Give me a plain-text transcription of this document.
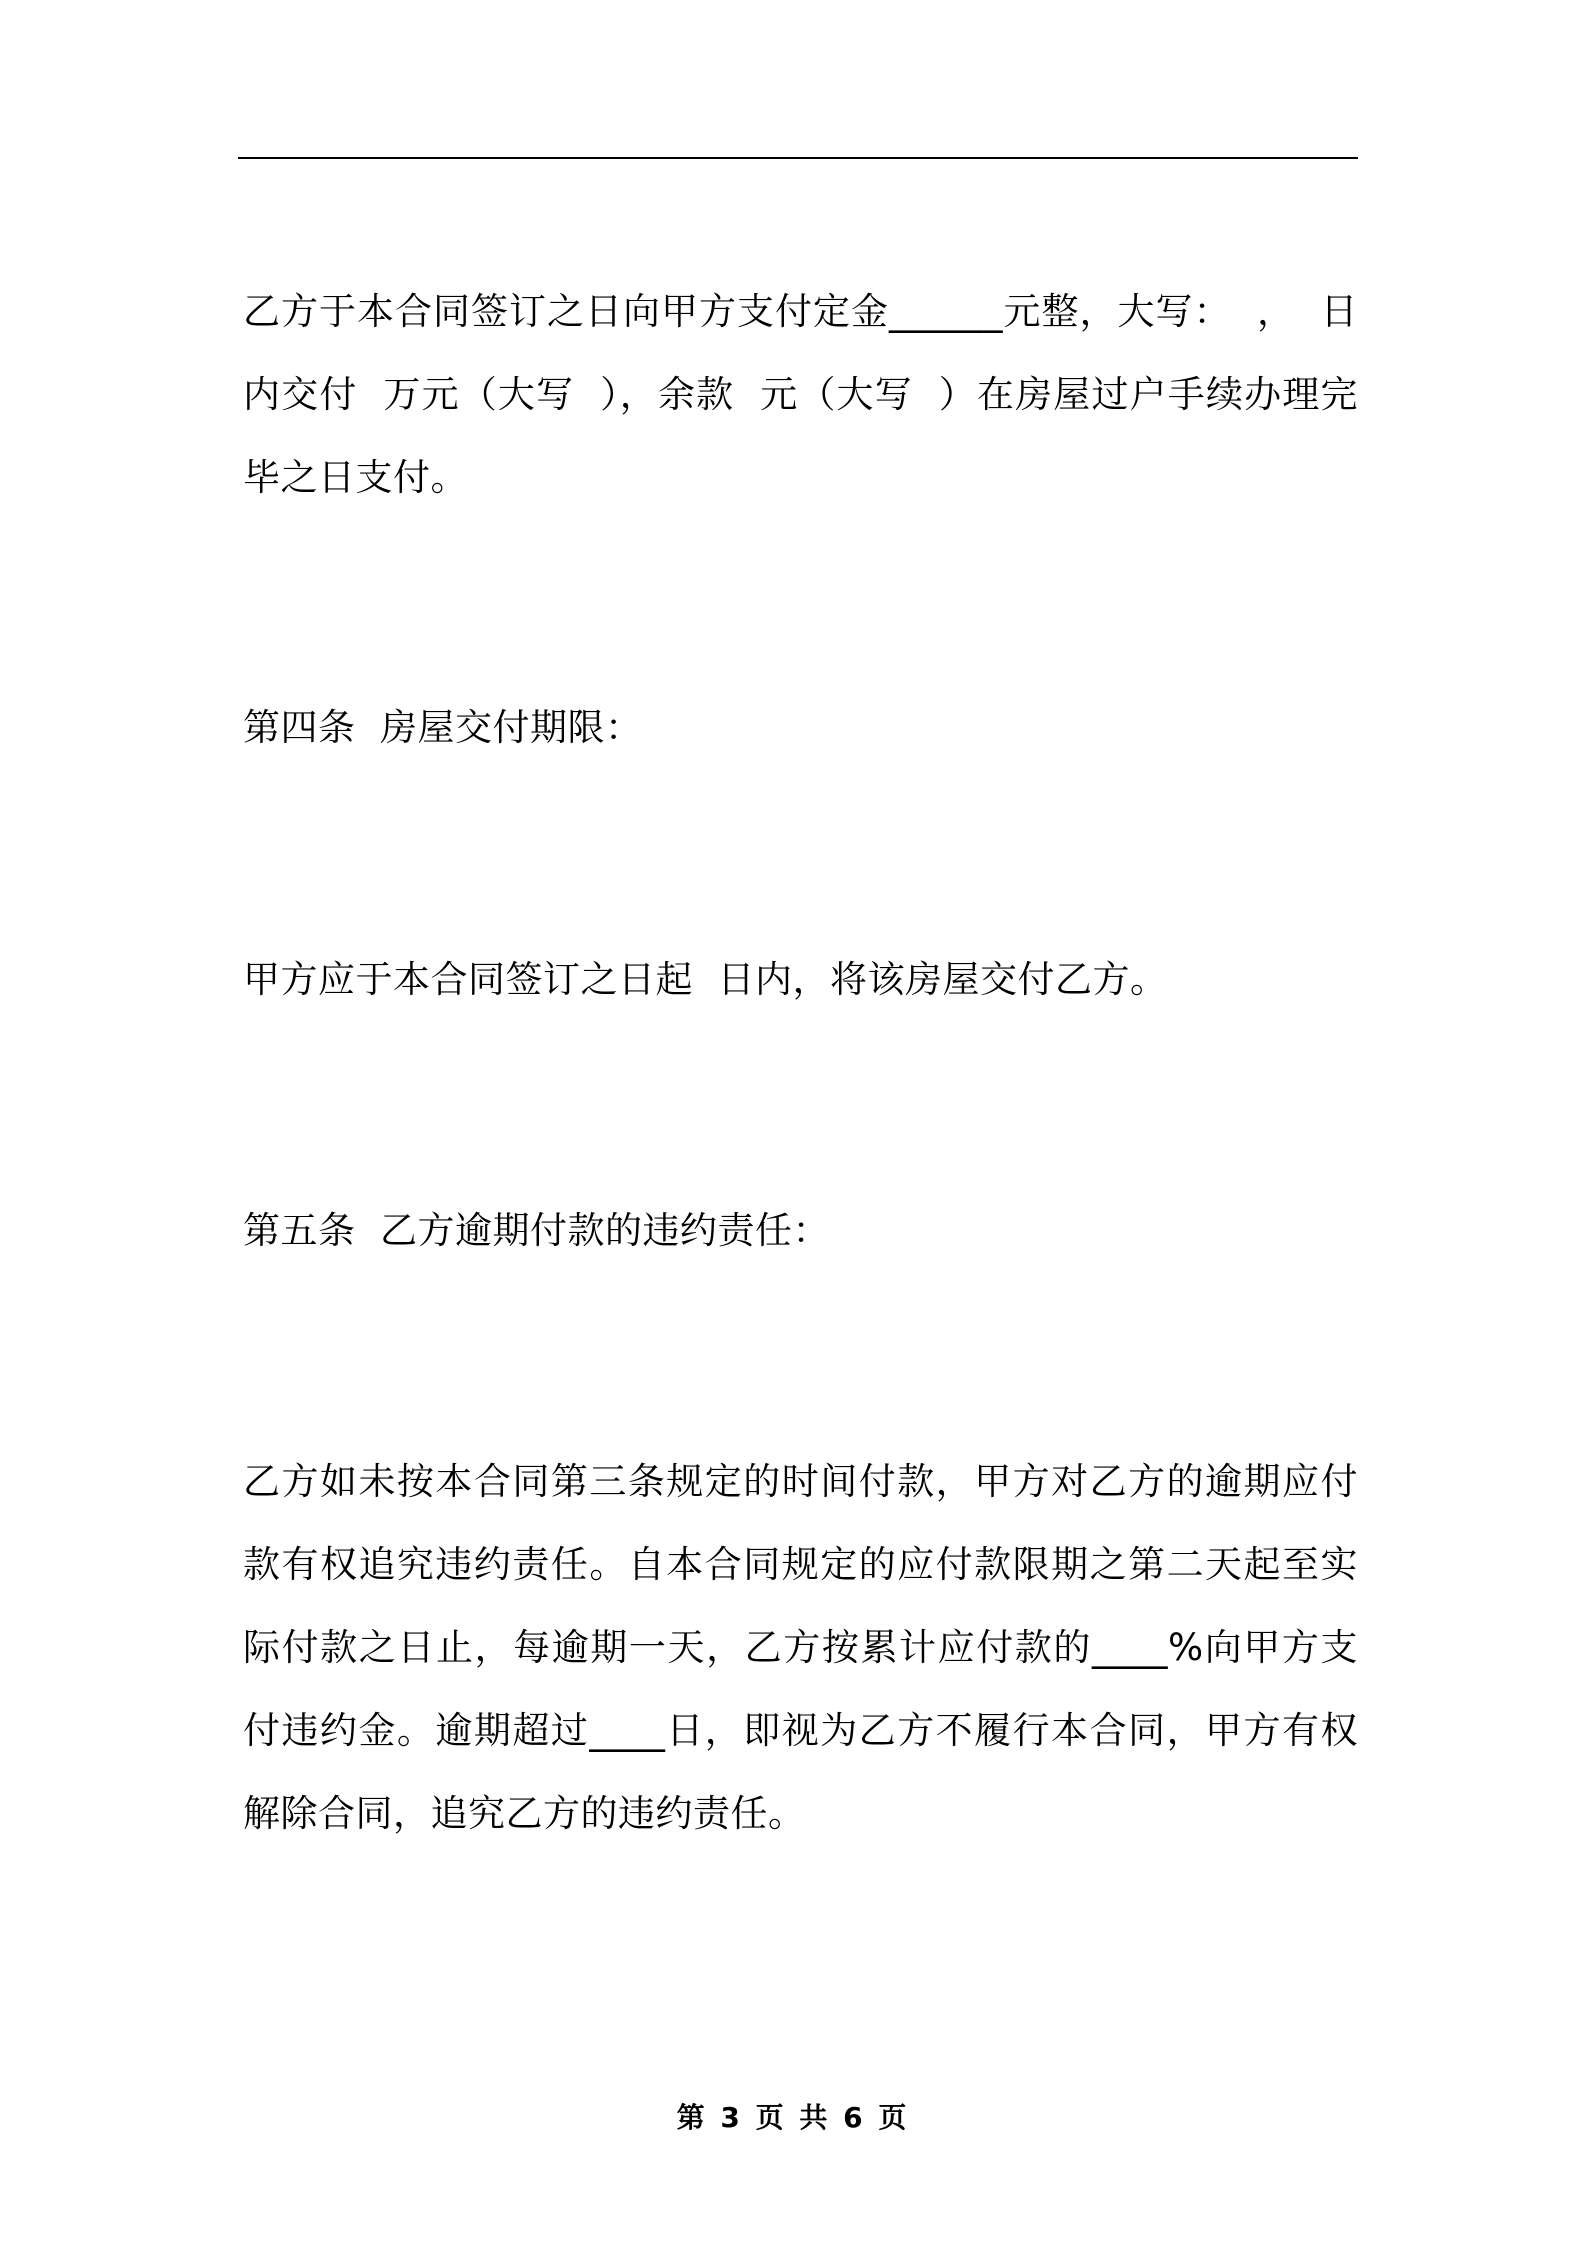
乙方于本合同签订之日向甲方支付定金______元整，大写：  ，  日内交付  万元（大写  ），余款  元（大写  ）在房屋过户手续办理完毕之日支付。

第四条  房屋交付期限：

甲方应于本合同签订之日起  日内，将该房屋交付乙方。

第五条  乙方逾期付款的违约责任：

乙方如未按本合同第三条规定的时间付款，甲方对乙方的逾期应付款有权追究违约责任。自本合同规定的应付款限期之第二天起至实际付款之日止，每逾期一天，乙方按累计应付款的____%向甲方支付违约金。逾期超过____日，即视为乙方不履行本合同，甲方有权解除合同，追究乙方的违约责任。

第 3 页 共 6 页
